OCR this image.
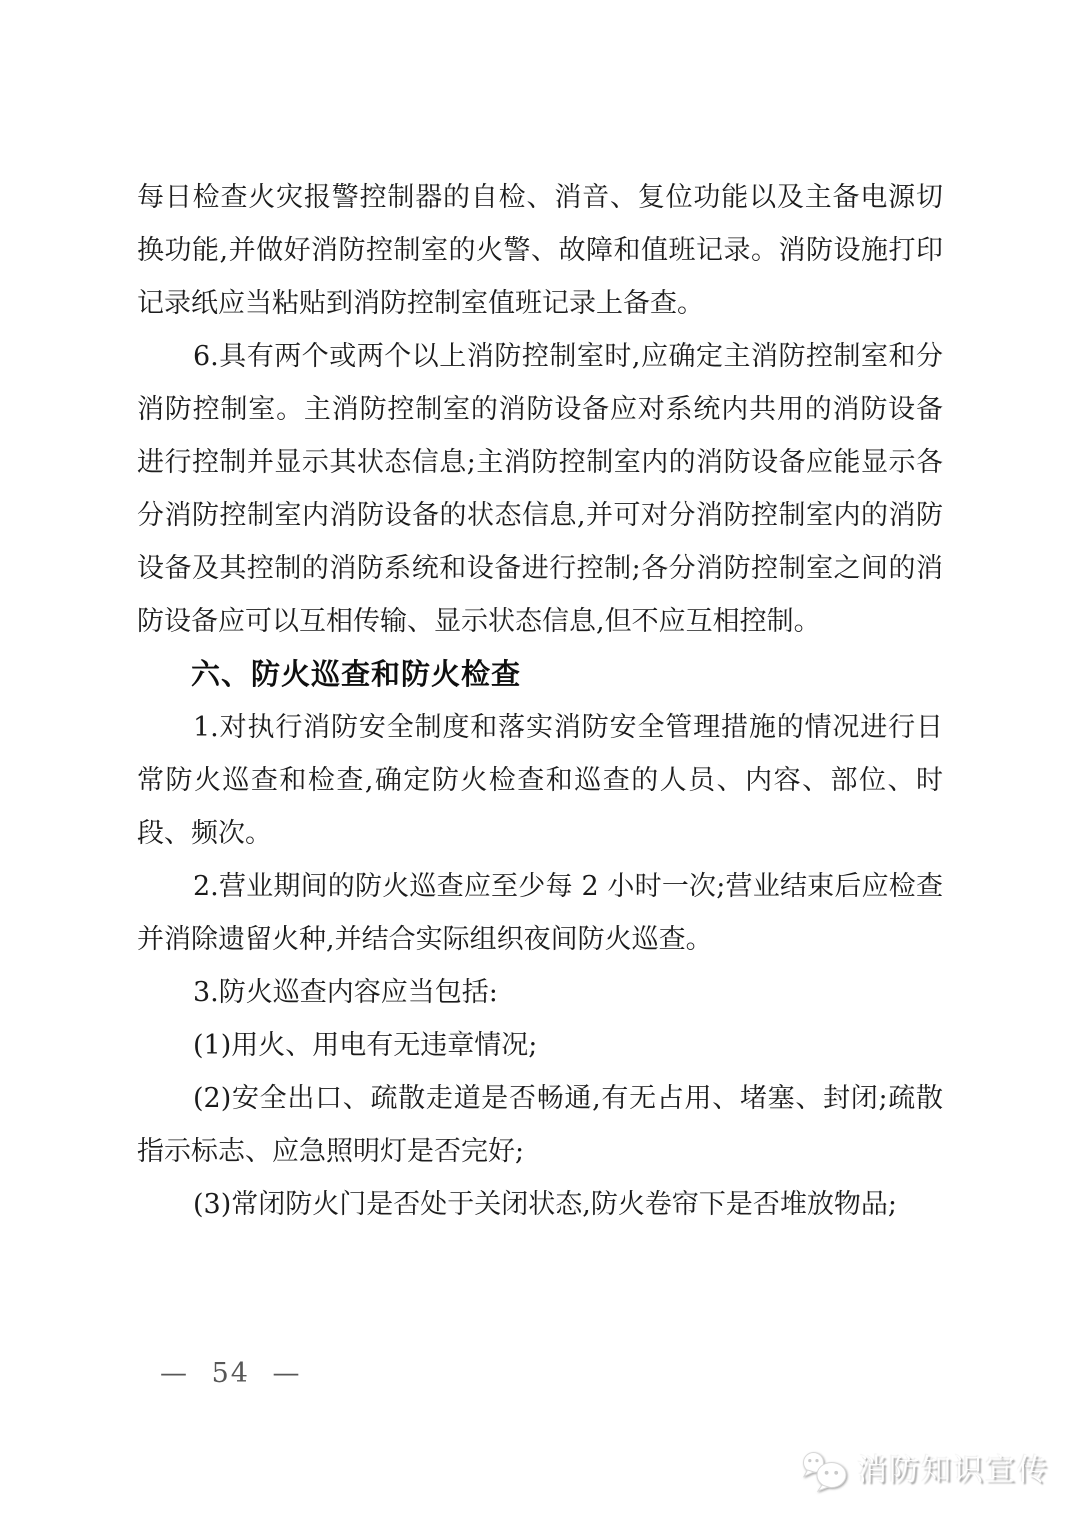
每日检查火灾报警控制器的自检、消音、复位功能以及主备电源切换功能,并做好消防控制室的火警、故障和值班记录。消防设施打印记录纸应当粘贴到消防控制室值班记录上备查。

6.具有两个或两个以上消防控制室时,应确定主消防控制室和分消防控制室。主消防控制室的消防设备应对系统内共用的消防设备进行控制并显示其状态信息;主消防控制室内的消防设备应能显示各分消防控制室内消防设备的状态信息,并可对分消防控制室内的消防设备及其控制的消防系统和设备进行控制;各分消防控制室之间的消防设备应可以互相传输、显示状态信息,但不应互相控制。

六、防火巡查和防火检查

1.对执行消防安全制度和落实消防安全管理措施的情况进行日常防火巡查和检查,确定防火检查和巡查的人员、内容、部位、时段、频次。

2.营业期间的防火巡查应至少每 2 小时一次;营业结束后应检查并消除遗留火种,并结合实际组织夜间防火巡查。

3.防火巡查内容应当包括:

(1)用火、用电有无违章情况;

(2)安全出口、疏散走道是否畅通,有无占用、堵塞、封闭;疏散指示标志、应急照明灯是否完好;

(3)常闭防火门是否处于关闭状态,防火卷帘下是否堆放物品;

— 54 —
消防知识宣传
